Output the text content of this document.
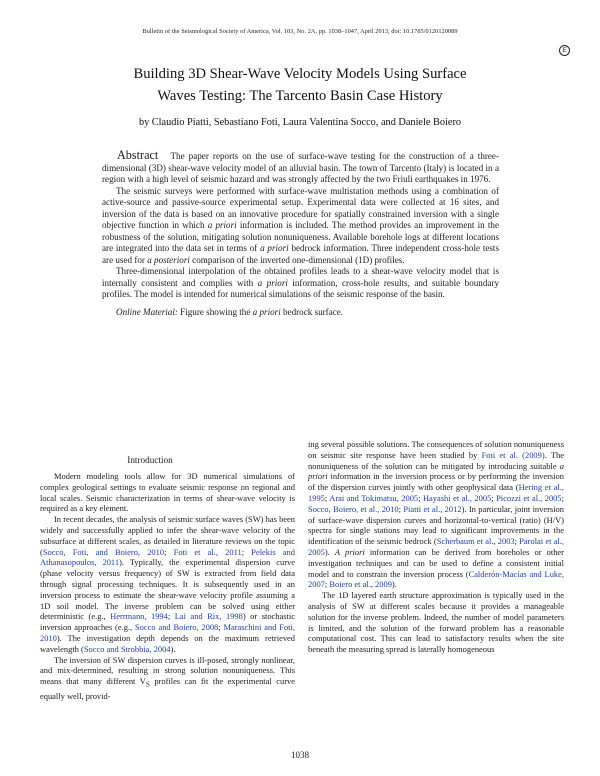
Bulletin of the Seismological Society of America, Vol. 103, No. 2A, pp. 1038–1047, April 2013, doi: 10.1785/0120120089
E
Building 3D Shear-Wave Velocity Models Using Surface
Waves Testing: The Tarcento Basin Case History
by Claudio Piatti, Sebastiano Foti, Laura Valentina Socco, and Daniele Boiero

Abstract The paper reports on the use of surface-wave testing for the construction of a three-dimensional (3D) shear-wave velocity model of an alluvial basin. The town of Tarcento (Italy) is located in a region with a high level of seismic hazard and was strongly affected by the two Friuli earthquakes in 1976.

The seismic surveys were performed with surface-wave multistation methods using a combination of active-source and passive-source experimental setup. Experimental data were collected at 16 sites, and inversion of the data is based on an innovative procedure for spatially constrained inversion with a single objective function in which a priori information is included. The method provides an improvement in the robustness of the solution, mitigating solution nonuniqueness. Available borehole logs at different locations are integrated into the data set in terms of a priori bedrock information. Three independent cross-hole tests are used for a posteriori comparison of the inverted one-dimensional (1D) profiles.

Three-dimensional interpolation of the obtained profiles leads to a shear-wave velocity model that is internally consistent and complies with a priori information, cross-hole results, and suitable boundary profiles. The model is intended for numerical simulations of the seismic response of the basin.

Online Material: Figure showing the a priori bedrock surface.

Introduction

Modern modeling tools allow for 3D numerical simulations of complex geological settings to evaluate seismic response on regional and local scales. Seismic characterization in terms of shear-wave velocity is required as a key element.

In recent decades, the analysis of seismic surface waves (SW) has been widely and successfully applied to infer the shear-wave velocity of the subsurface at different scales, as detailed in literature reviews on the topic (Socco, Foti, and Boiero, 2010; Foti et al., 2011; Pelekis and Athanasopoulos, 2011). Typically, the experimental dispersion curve (phase velocity versus frequency) of SW is extracted from field data through signal processing techniques. It is subsequently used in an inversion process to estimate the shear-wave velocity profile assuming a 1D soil model. The inverse problem can be solved using either deterministic (e.g., Herrmann, 1994; Lai and Rix, 1998) or stochastic inversion approaches (e.g., Socco and Boiero, 2008; Maraschini and Foti, 2010). The investigation depth depends on the maximum retrieved wavelength (Socco and Strobbia, 2004).

The inversion of SW dispersion curves is ill-posed, strongly nonlinear, and mix-determined, resulting in strong solution nonuniqueness. This means that many different $V_S$ profiles can fit the experimental curve equally well, provid-

ing several possible solutions. The consequences of solution nonuniqueness on seismic site response have been studied by Foti et al. (2009). The nonuniqueness of the solution can be mitigated by introducing suitable a priori information in the inversion process or by performing the inversion of the dispersion curves jointly with other geophysical data (Hering et al., 1995; Arai and Tokimatsu, 2005; Hayashi et al., 2005; Picozzi et al., 2005; Socco, Boiero, et al., 2010; Piatti et al., 2012). In particular, joint inversion of surface-wave dispersion curves and horizontal-to-vertical (ratio) (H/V) spectra for single stations may lead to significant improvements in the identification of the seismic bedrock (Scherbaum et al., 2003; Parolai et al., 2005). A priori information can be derived from boreholes or other investigation techniques and can be used to define a consistent initial model and to constrain the inversion process (Calderón-Macías and Luke, 2007; Boiero et al., 2009).

The 1D layered earth structure approximation is typically used in the analysis of SW at different scales because it provides a manageable solution for the inverse problem. Indeed, the number of model parameters is limited, and the solution of the forward problem has a reasonable computational cost. This can lead to satisfactory results when the site beneath the measuring spread is laterally homogeneous

1038
